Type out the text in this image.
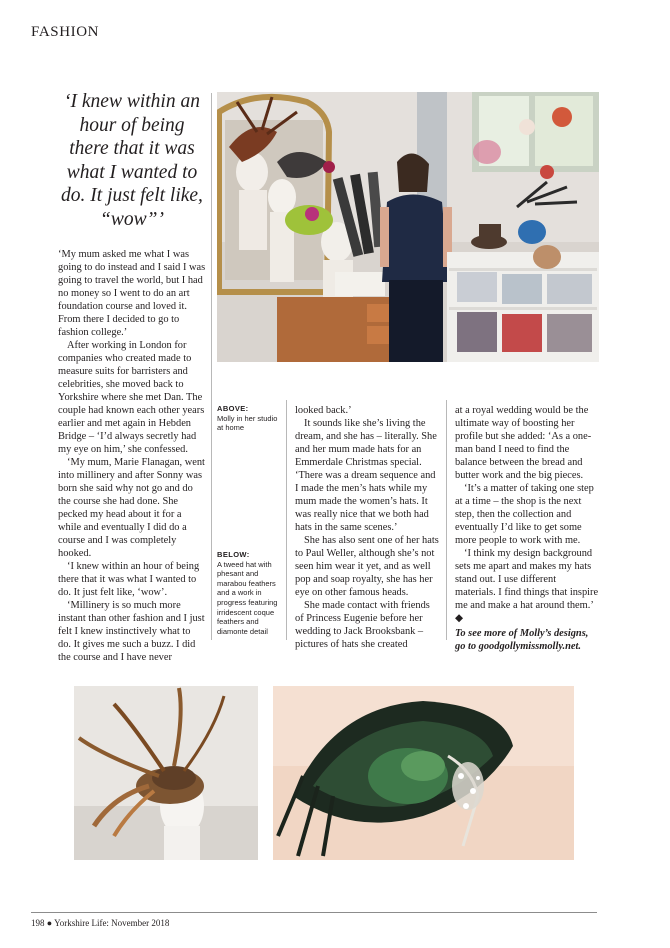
FASHION
‘I knew within an hour of being there that it was what I wanted to do. It just felt like, “wow”’
ABOVE:
Molly in her studio at home
BELOW:
A tweed hat with phesant and marabou feathers and a work in progress featuring irridescent coque feathers and diamonte detail

‘My mum asked me what I was going to do instead and I said I was going to travel the world, but I had no money so I went to do an art foundation course and loved it. From there I decided to go to fashion college.’

After working in London for companies who created made to measure suits for barristers and celebrities, she moved back to Yorkshire where she met Dan. The couple had known each other years earlier and met again in Hebden Bridge – ‘I’d always secretly had my eye on him,’ she confessed.

‘My mum, Marie Flanagan, went into millinery and after Sonny was born she said why not go and do the course she had done. She pecked my head about it for a while and eventually I did do a course and I was completely hooked.

‘I knew within an hour of being there that it was what I wanted to do. It just felt like, ‘wow’.

‘Millinery is so much more instant than other fashion and I just felt I knew instinctively what to do. It gives me such a buzz. I did the course and I have never

looked back.’

It sounds like she’s living the dream, and she has – literally. She and her mum made hats for an Emmerdale Christmas special. ‘There was a dream sequence and I made the men’s hats while my mum made the women’s hats. It was really nice that we both had hats in the same scenes.’

She has also sent one of her hats to Paul Weller, although she’s not seen him wear it yet, and as well pop and soap royalty, she has her eye on other famous heads.

She made contact with friends of Princess Eugenie before her wedding to Jack Brooksbank – pictures of hats she created

at a royal wedding would be the ultimate way of boosting her profile but she added: ‘As a one-man band I need to find the balance between the bread and butter work and the big pieces.

‘It’s a matter of taking one step at a time – the shop is the next step, then the collection and eventually I’d like to get some more people to work with me.

‘I think my design background sets me apart and makes my hats stand out. I use different materials. I find things that inspire me and make a hat around them.’ ◆

To see more of Molly’s designs, go to goodgollymissmolly.net.

198 ● Yorkshire Life: November 2018
